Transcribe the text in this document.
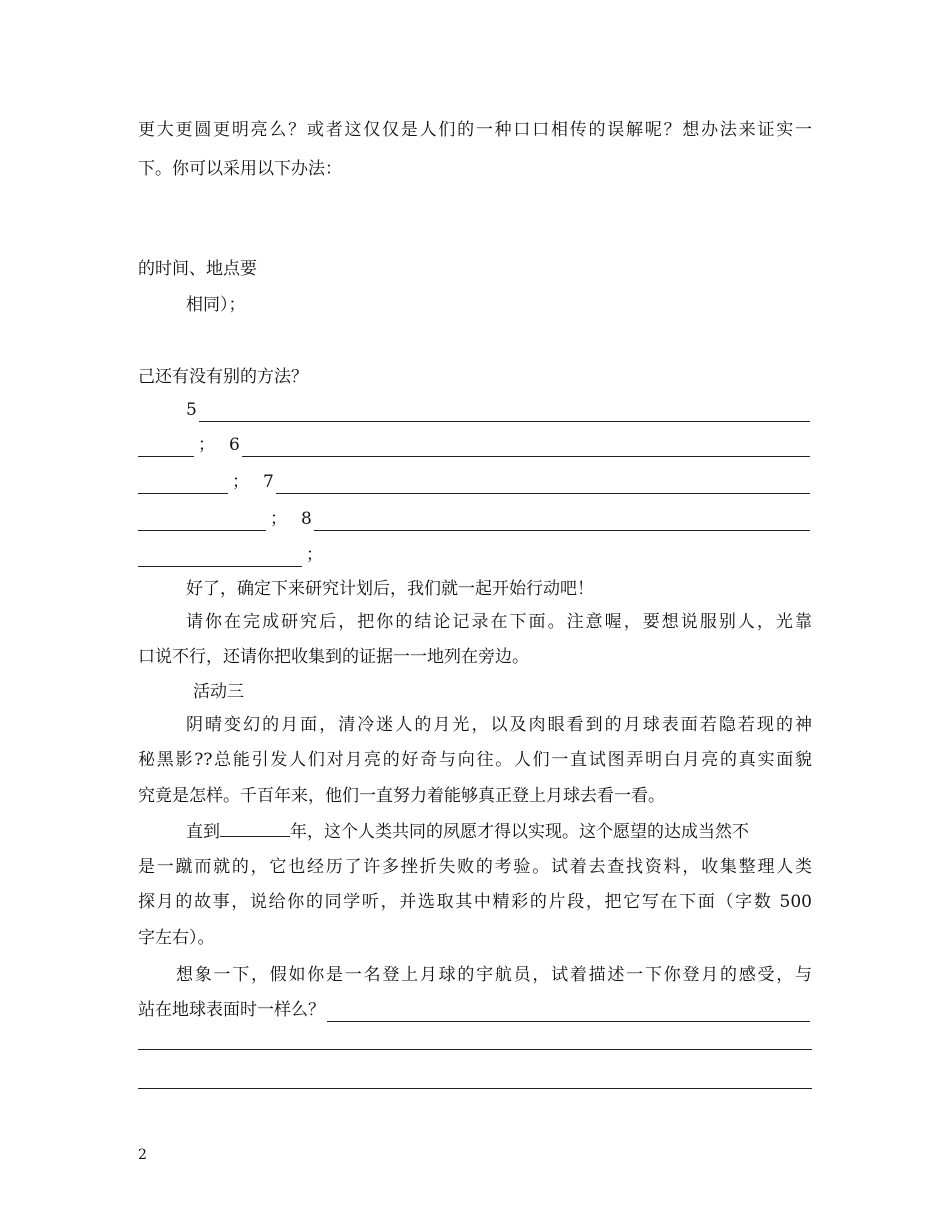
更大更圆更明亮么？或者这仅仅是人们的一种口口相传的误解呢？想办法来证实一
下。你可以采用以下办法：
的时间、地点要
相同）；
己还有没有别的方法？
5
； 6
； 7
； 8
；
好了，确定下来研究计划后，我们就一起开始行动吧！
请你在完成研究后，把你的结论记录在下面。注意喔，要想说服别人，光靠
口说不行，还请你把收集到的证据一一地列在旁边。
活动三
阴晴变幻的月面，清冷迷人的月光，以及肉眼看到的月球表面若隐若现的神
秘黑影??总能引发人们对月亮的好奇与向往。人们一直试图弄明白月亮的真实面貌
究竟是怎样。千百年来，他们一直努力着能够真正登上月球去看一看。
直到	年，这个人类共同的夙愿才得以实现。这个愿望的达成当然不
是一蹴而就的，它也经历了许多挫折失败的考验。试着去查找资料，收集整理人类
探月的故事，说给你的同学听，并选取其中精彩的片段，把它写在下面（字数 500
字左右）。
想象一下，假如你是一名登上月球的宇航员，试着描述一下你登月的感受，与
站在地球表面时一样么？
2
